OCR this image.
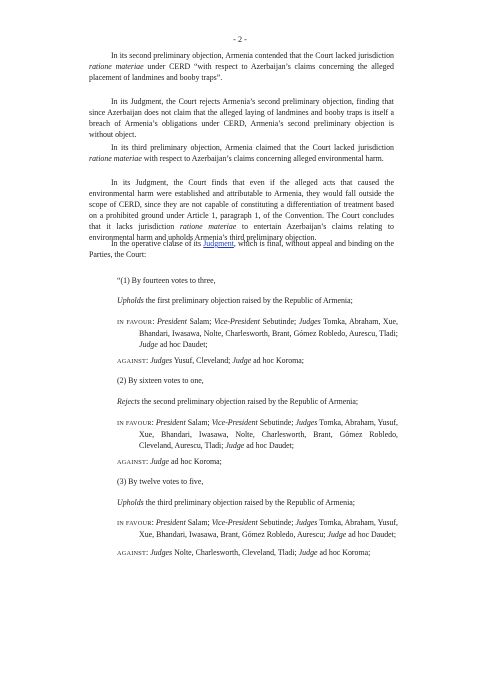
- 2 -

In its second preliminary objection, Armenia contended that the Court lacked jurisdiction ratione materiae under CERD “with respect to Azerbaijan’s claims concerning the alleged placement of landmines and booby traps”.

In its Judgment, the Court rejects Armenia’s second preliminary objection, finding that since Azerbaijan does not claim that the alleged laying of landmines and booby traps is itself a breach of Armenia’s obligations under CERD, Armenia’s second preliminary objection is without object.

In its third preliminary objection, Armenia claimed that the Court lacked jurisdiction ratione materiae with respect to Azerbaijan’s claims concerning alleged environmental harm.

In its Judgment, the Court finds that even if the alleged acts that caused the environmental harm were established and attributable to Armenia, they would fall outside the scope of CERD, since they are not capable of constituting a differentiation of treatment based on a prohibited ground under Article 1, paragraph 1, of the Convention. The Court concludes that it lacks jurisdiction ratione materiae to entertain Azerbaijan’s claims relating to environmental harm and upholds Armenia’s third preliminary objection.

In the operative clause of its Judgment, which is final, without appeal and binding on the Parties, the Court:

“(1) By fourteen votes to three,
Upholds the first preliminary objection raised by the Republic of Armenia;
IN FAVOUR: President Salam; Vice-President Sebutinde; Judges Tomka, Abraham, Xue, Bhandari, Iwasawa, Nolte, Charlesworth, Brant, Gómez Robledo, Aurescu, Tladi; Judge ad hoc Daudet;
AGAINST: Judges Yusuf, Cleveland; Judge ad hoc Koroma;
(2) By sixteen votes to one,
Rejects the second preliminary objection raised by the Republic of Armenia;
IN FAVOUR: President Salam; Vice-President Sebutinde; Judges Tomka, Abraham, Yusuf, Xue, Bhandari, Iwasawa, Nolte, Charlesworth, Brant, Gómez Robledo, Cleveland, Aurescu, Tladi; Judge ad hoc Daudet;
AGAINST: Judge ad hoc Koroma;
(3) By twelve votes to five,
Upholds the third preliminary objection raised by the Republic of Armenia;
IN FAVOUR: President Salam; Vice-President Sebutinde; Judges Tomka, Abraham, Yusuf, Xue, Bhandari, Iwasawa, Brant, Gómez Robledo, Aurescu; Judge ad hoc Daudet;
AGAINST: Judges Nolte, Charlesworth, Cleveland, Tladi; Judge ad hoc Koroma;
